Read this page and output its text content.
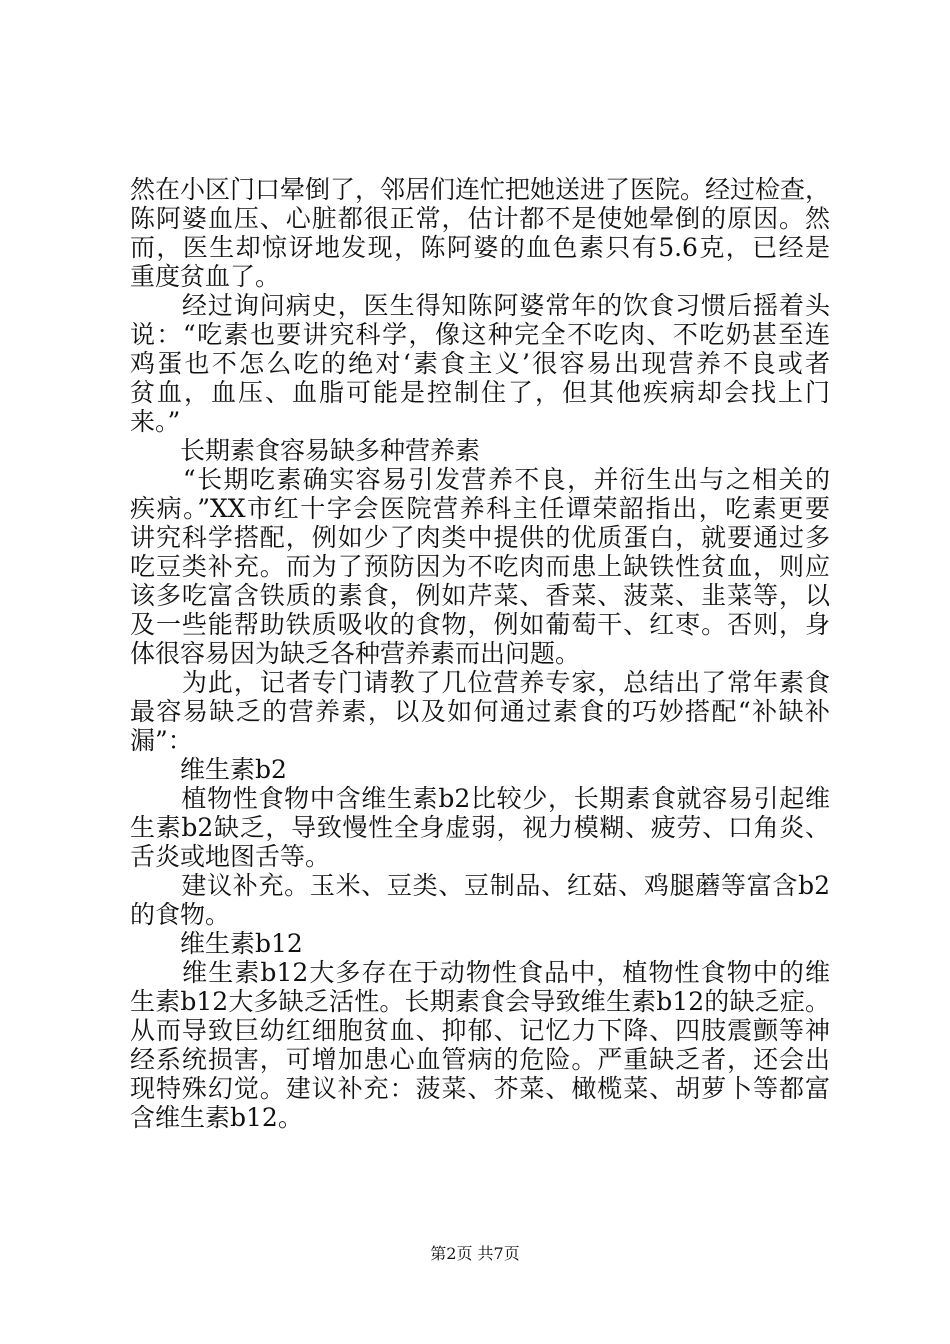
然在小区门口晕倒了，邻居们连忙把她送进了医院。经过检查，
陈阿婆血压、心脏都很正常，估计都不是使她晕倒的原因。然
而，医生却惊讶地发现，陈阿婆的血色素只有5.6克，已经是
重度贫血了。
　　经过询问病史，医生得知陈阿婆常年的饮食习惯后摇着头
说：“吃素也要讲究科学，像这种完全不吃肉、不吃奶甚至连
鸡蛋也不怎么吃的绝对‘素食主义’很容易出现营养不良或者
贫血，血压、血脂可能是控制住了，但其他疾病却会找上门
来。”
　　长期素食容易缺多种营养素
　　“长期吃素确实容易引发营养不良，并衍生出与之相关的
疾病。”XX市红十字会医院营养科主任谭荣韶指出，吃素更要
讲究科学搭配，例如少了肉类中提供的优质蛋白，就要通过多
吃豆类补充。而为了预防因为不吃肉而患上缺铁性贫血，则应
该多吃富含铁质的素食，例如芹菜、香菜、菠菜、韭菜等，以
及一些能帮助铁质吸收的食物，例如葡萄干、红枣。否则，身
体很容易因为缺乏各种营养素而出问题。
　　为此，记者专门请教了几位营养专家，总结出了常年素食
最容易缺乏的营养素，以及如何通过素食的巧妙搭配“补缺补
漏”：
　　维生素b2
　　植物性食物中含维生素b2比较少，长期素食就容易引起维
生素b2缺乏，导致慢性全身虚弱，视力模糊、疲劳、口角炎、
舌炎或地图舌等。
　　建议补充。玉米、豆类、豆制品、红菇、鸡腿蘑等富含b2
的食物。
　　维生素b12
　　维生素b12大多存在于动物性食品中，植物性食物中的维
生素b12大多缺乏活性。长期素食会导致维生素b12的缺乏症。
从而导致巨幼红细胞贫血、抑郁、记忆力下降、四肢震颤等神
经系统损害，可增加患心血管病的危险。严重缺乏者，还会出
现特殊幻觉。建议补充：菠菜、芥菜、橄榄菜、胡萝卜等都富
含维生素b12。
第2页 共7页
